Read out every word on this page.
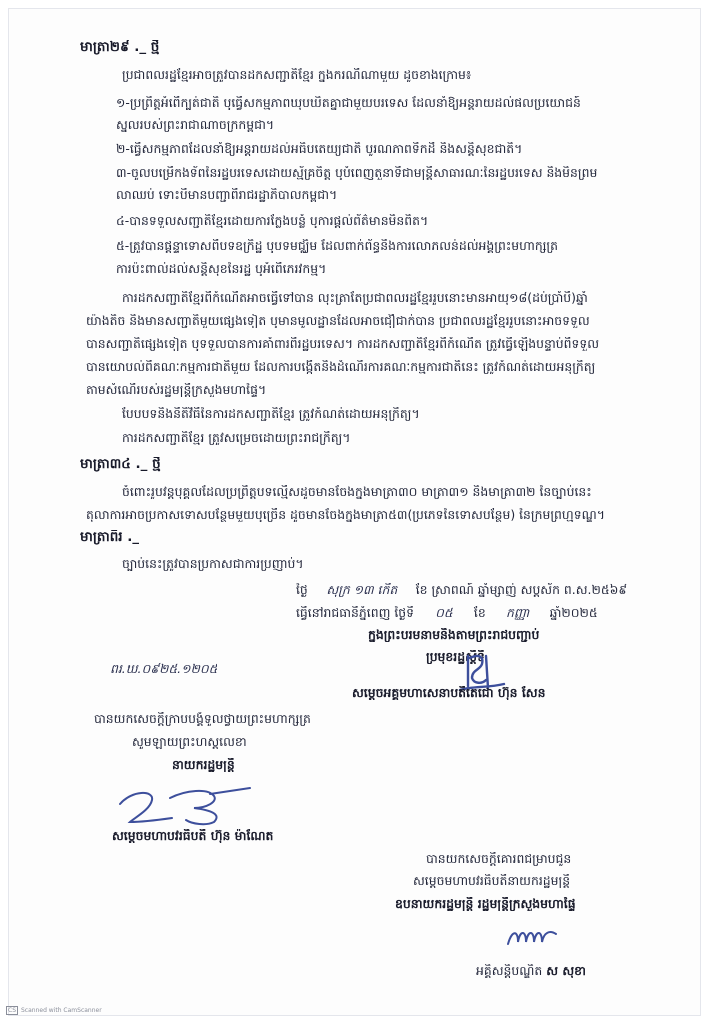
មាត្រា២៩ ._ ថ្មី
ប្រជាពលរដ្ឋខ្មែរអាចត្រូវបានដកសញ្ជាតិខ្មែរ ក្នុងករណីណាមួយ ដូចខាងក្រោម៖
១-ប្រព្រឹត្តអំពើក្បត់ជាតិ ឬធ្វើសកម្មភាពឃុបឃិតគ្នាជាមួយបរទេស ដែលនាំឱ្យអន្តរាយដល់ផលប្រយោជន៍
ស្នូលរបស់ព្រះរាជាណាចក្រកម្ពុជា។
២-ធ្វើសកម្មភាពដែលនាំឱ្យអន្តរាយដល់អធិបតេយ្យជាតិ បូរណភាពទឹកដី និងសន្តិសុខជាតិ។
៣-ចូលបម្រើកងទ័ពនៃរដ្ឋបរទេសដោយស្ម័គ្រចិត្ត ឬបំពេញតួនាទីជាមន្ត្រីសាធារណៈនៃរដ្ឋបរទេស និងមិនព្រម
លាឈប់ ទោះបីមានបញ្ជាពីរាជរដ្ឋាភិបាលកម្ពុជា។
៤-បានទទួលសញ្ជាតិខ្មែរដោយការក្លែងបន្លំ ឬការផ្តល់ព័ត៌មានមិនពិត។
៥-ត្រូវបានផ្តន្ទាទោសពីបទឧក្រិដ្ឋ ឬបទមជ្ឈិម ដែលពាក់ព័ន្ធនឹងការលោភលន់ដល់អង្គព្រះមហាក្សត្រ
ការប៉ះពាល់ដល់សន្តិសុខនៃរដ្ឋ ឬអំពើភេរវកម្ម។
ការដកសញ្ជាតិខ្មែរពីកំណើតអាចធ្វើទៅបាន លុះត្រាតែប្រជាពលរដ្ឋខ្មែររូបនោះមានអាយុ១៨(ដប់ប្រាំបី)ឆ្នាំ
យ៉ាងតិច និងមានសញ្ជាតិមួយផ្សេងទៀត ឬមានមូលដ្ឋានដែលអាចជឿជាក់បាន ប្រជាពលរដ្ឋខ្មែររូបនោះអាចទទួល
បានសញ្ជាតិផ្សេងទៀត ឬទទួលបានការគាំពារពីរដ្ឋបរទេស។ ការដកសញ្ជាតិខ្មែរពីកំណើត ត្រូវធ្វើឡើងបន្ទាប់ពីទទួល
បានយោបល់ពីគណៈកម្មការជាតិមួយ ដែលការបង្កើតនិងដំណើរការគណៈកម្មការជាតិនេះ ត្រូវកំណត់ដោយអនុក្រឹត្យ
តាមសំណើរបស់រដ្ឋមន្ត្រីក្រសួងមហាផ្ទៃ។
បែបបទនិងនីតិវិធីនៃការដកសញ្ជាតិខ្មែរ ត្រូវកំណត់ដោយអនុក្រឹត្យ។
ការដកសញ្ជាតិខ្មែរ ត្រូវសម្រេចដោយព្រះរាជក្រឹត្យ។
មាត្រា៣៤ ._ ថ្មី
ចំពោះរូបវន្តបុគ្គលដែលប្រព្រឹត្តបទល្មើសដូចមានចែងក្នុងមាត្រា៣០ មាត្រា៣១ និងមាត្រា៣២ នៃច្បាប់នេះ
តុលាការអាចប្រកាសទោសបន្ថែមមួយឬច្រើន ដូចមានចែងក្នុងមាត្រា៥៣(ប្រភេទនៃទោសបន្ថែម) នៃក្រមព្រហ្មទណ្ឌ។
មាត្រាពីរ ._
ច្បាប់នេះត្រូវបានប្រកាសជាការប្រញាប់។
ថ្ងៃ សុក្រ ១៣ កើត ខែ ស្រាពណ៍ ឆ្នាំម្សាញ់ សប្តស័ក ព.ស.២៥៦៩
ធ្វើនៅរាជធានីភ្នំពេញ ថ្ងៃទី ០៥ ខែ កញ្ញា ឆ្នាំ២០២៥
ក្នុងព្រះបរមនាមនិងតាមព្រះរាជបញ្ជាប់
ប្រមុខរដ្ឋស្តីទី
ពរ.ឃ.០៩២៥.១២០៥
សម្តេចអគ្គមហាសេនាបតីតេជោ ហ៊ុន សែន
បានយកសេចក្តីក្រាបបង្គំទូលថ្វាយព្រះមហាក្សត្រ
សូមឡាយព្រះហស្តលេខា
នាយករដ្ឋមន្ត្រី
សម្តេចមហាបវរធិបតី ហ៊ុន ម៉ាណែត
បានយកសេចក្តីគោរពជម្រាបជូន
សម្តេចមហាបវរធិបតីនាយករដ្ឋមន្ត្រី
ឧបនាយករដ្ឋមន្ត្រី រដ្ឋមន្ត្រីក្រសួងមហាផ្ទៃ
អគ្គិសន្តិបណ្ឌិត ស សុខា
CS Scanned with CamScanner
